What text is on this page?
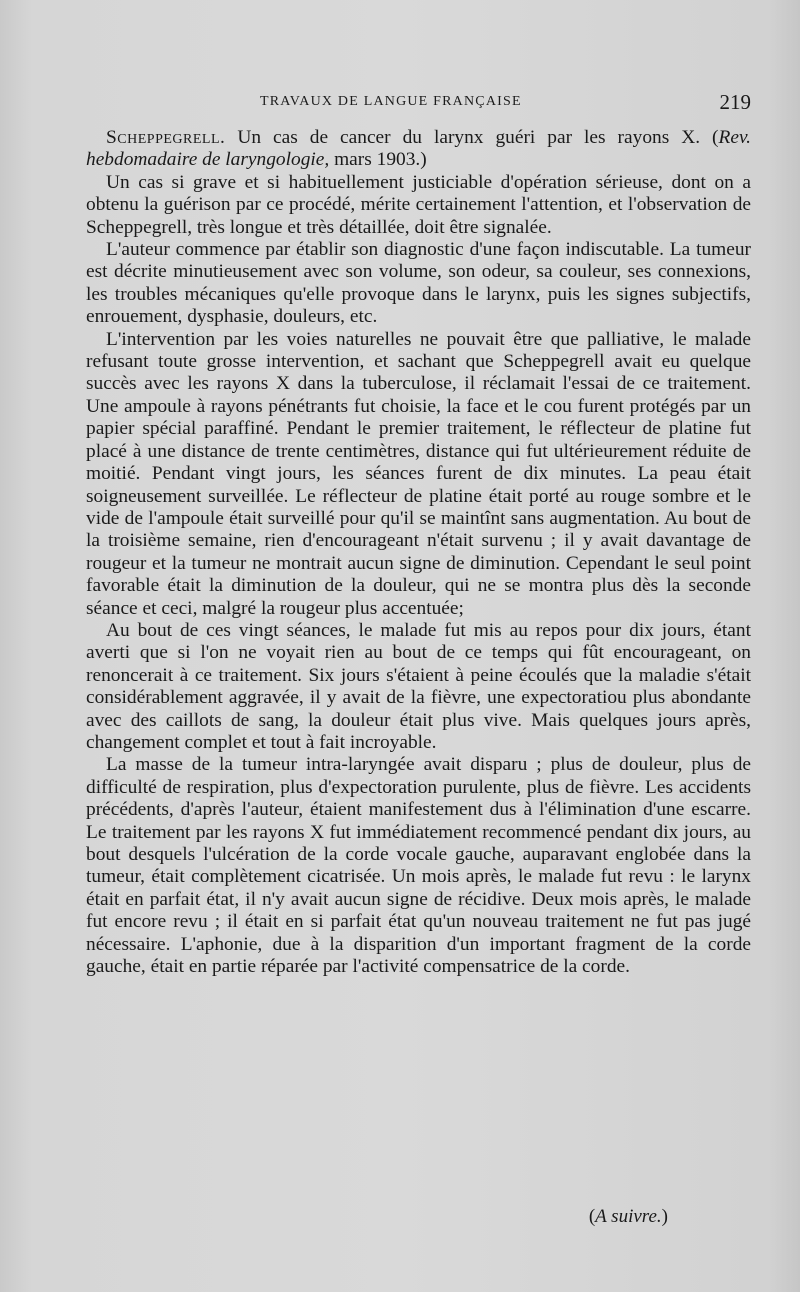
TRAVAUX DE LANGUE FRANÇAISE	219

Scheppegrell. Un cas de cancer du larynx guéri par les rayons X. (Rev. hebdomadaire de laryngologie, mars 1903.)

Un cas si grave et si habituellement justiciable d'opération sérieuse, dont on a obtenu la guérison par ce procédé, mérite certainement l'attention, et l'observation de Scheppegrell, très longue et très détaillée, doit être signalée.

L'auteur commence par établir son diagnostic d'une façon indiscutable. La tumeur est décrite minutieusement avec son volume, son odeur, sa couleur, ses connexions, les troubles mécaniques qu'elle provoque dans le larynx, puis les signes subjectifs, enrouement, dysphasie, douleurs, etc.

L'intervention par les voies naturelles ne pouvait être que palliative, le malade refusant toute grosse intervention, et sachant que Scheppegrell avait eu quelque succès avec les rayons X dans la tuberculose, il réclamait l'essai de ce traitement. Une ampoule à rayons pénétrants fut choisie, la face et le cou furent protégés par un papier spécial paraffiné. Pendant le premier traitement, le réflecteur de platine fut placé à une distance de trente centimètres, distance qui fut ultérieurement réduite de moitié. Pendant vingt jours, les séances furent de dix minutes. La peau était soigneusement surveillée. Le réflecteur de platine était porté au rouge sombre et le vide de l'ampoule était surveillé pour qu'il se maintînt sans augmentation. Au bout de la troisième semaine, rien d'encourageant n'était survenu ; il y avait davantage de rougeur et la tumeur ne montrait aucun signe de diminution. Cependant le seul point favorable était la diminution de la douleur, qui ne se montra plus dès la seconde séance et ceci, malgré la rougeur plus accentuée;

Au bout de ces vingt séances, le malade fut mis au repos pour dix jours, étant averti que si l'on ne voyait rien au bout de ce temps qui fût encourageant, on renoncerait à ce traitement. Six jours s'étaient à peine écoulés que la maladie s'était considérablement aggravée, il y avait de la fièvre, une expectoratiou plus abondante avec des caillots de sang, la douleur était plus vive. Mais quelques jours après, changement complet et tout à fait incroyable.

La masse de la tumeur intra-laryngée avait disparu ; plus de douleur, plus de difficulté de respiration, plus d'expectoration purulente, plus de fièvre. Les accidents précédents, d'après l'auteur, étaient manifestement dus à l'élimination d'une escarre. Le traitement par les rayons X fut immédiatement recommencé pendant dix jours, au bout desquels l'ulcération de la corde vocale gauche, auparavant englobée dans la tumeur, était complètement cicatrisée. Un mois après, le malade fut revu : le larynx était en parfait état, il n'y avait aucun signe de récidive. Deux mois après, le malade fut encore revu ; il était en si parfait état qu'un nouveau traitement ne fut pas jugé nécessaire. L'aphonie, due à la disparition d'un important fragment de la corde gauche, était en partie réparée par l'activité compensatrice de la corde.

(A suivre.)
